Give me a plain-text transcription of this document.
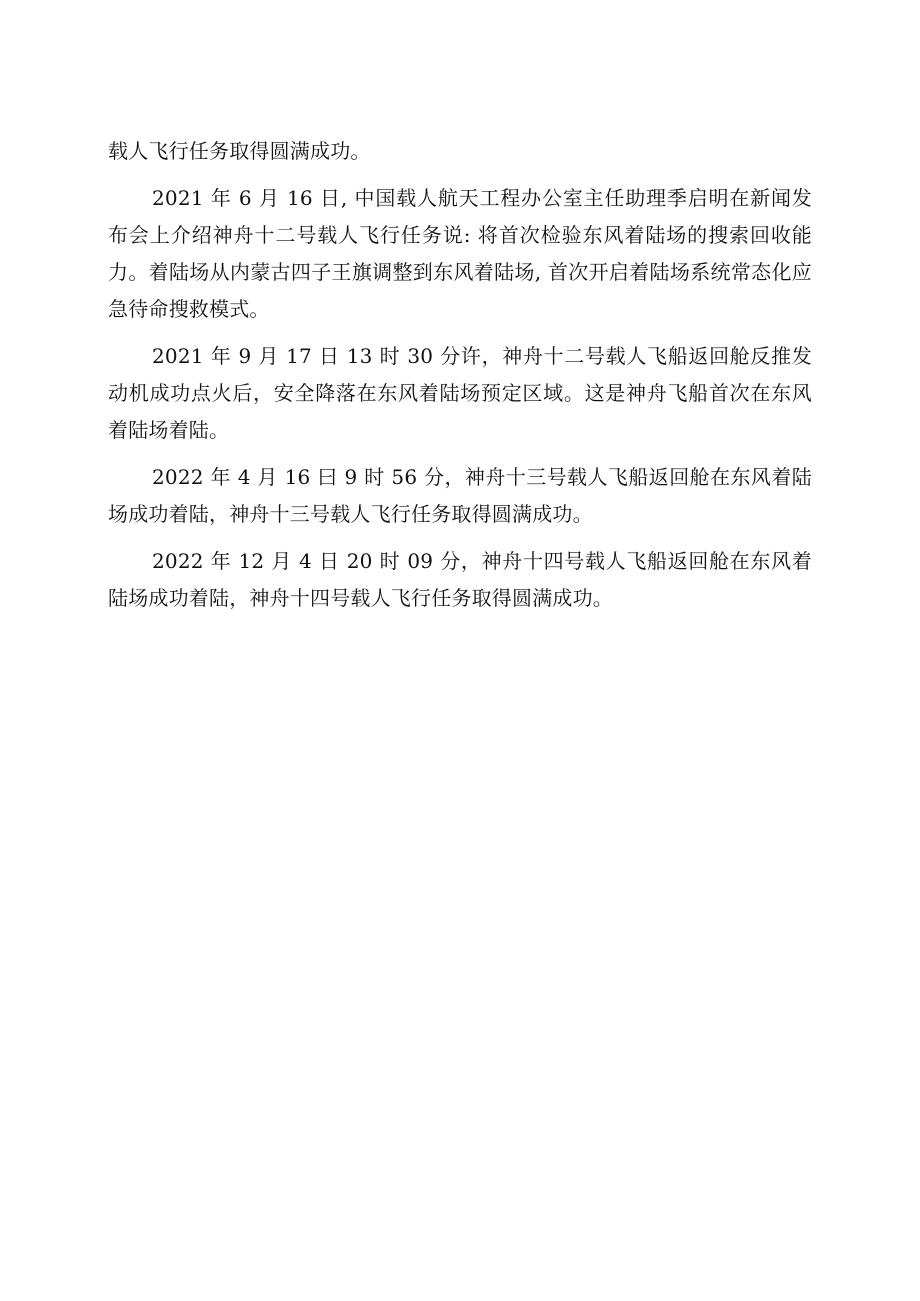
载人飞行任务取得圆满成功。

2021 年 6 月 16 日, 中国载人航天工程办公室主任助理季启明在新闻发布会上介绍神舟十二号载人飞行任务说: 将首次检验东风着陆场的搜索回收能力。着陆场从内蒙古四子王旗调整到东风着陆场, 首次开启着陆场系统常态化应急待命搜救模式。

2021 年 9 月 17 日 13 时 30 分许，神舟十二号载人飞船返回舱反推发动机成功点火后，安全降落在东风着陆场预定区域。这是神舟飞船首次在东风着陆场着陆。

2022 年 4 月 16 曰 9 时 56 分，神舟十三号载人飞船返回舱在东风着陆场成功着陆，神舟十三号载人飞行任务取得圆满成功。

2022 年 12 月 4 日 20 时 09 分，神舟十四号载人飞船返回舱在东风着陆场成功着陆，神舟十四号载人飞行任务取得圆满成功。
